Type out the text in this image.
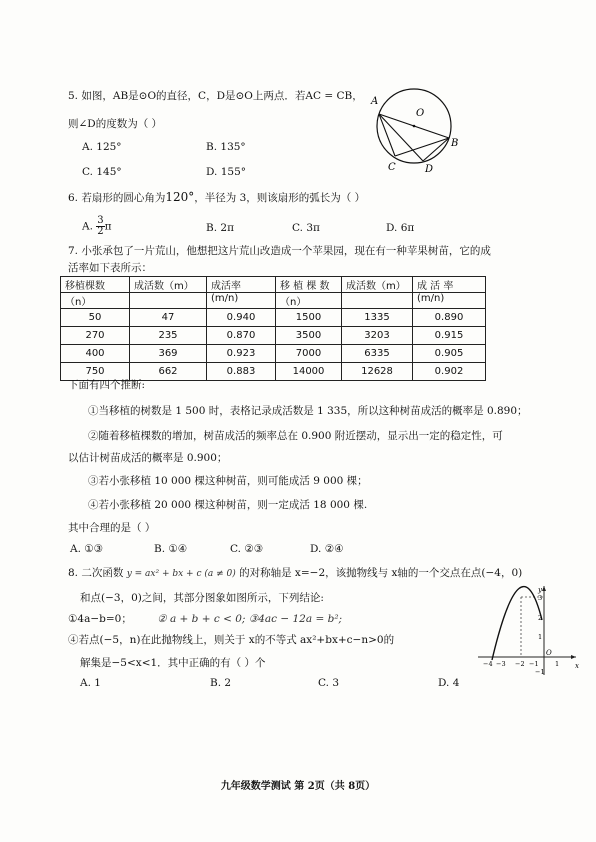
5. 如图，AB是⊙O的直径，C，D是⊙O上两点．若AC = CB，
则∠D的度数为（ ）
A. 125°	B. 135°
C. 145°	D. 155°
A
O
B
C	D
6. 若扇形的圆心角为120°，半径为 3，则该扇形的弧长为（ ）
A. $\frac{3}{2}$ π	B. 2π	C. 3π	D. 6π
7. 小张承包了一片荒山，他想把这片荒山改造成一个苹果园，现在有一种苹果树苗，它的成
活率如下表所示：
移植棵数	成活数（m）	成活率	移 植 棵 数	成活数（m）	成 活 率
（n）		(m/n)	（n）		(m/n)
50	47	0.940	1500	1335	0.890
270	235	0.870	3500	3203	0.915
400	369	0.923	7000	6335	0.905
750	662	0.883	14000	12628	0.902
下面有四个推断:
①当移植的树数是 1 500 时，表格记录成活数是 1 335，所以这种树苗成活的概率是 0.890；
②随着移植棵数的增加，树苗成活的频率总在 0.900 附近摆动，显示出一定的稳定性，可
以估计树苗成活的概率是 0.900；
③若小张移植 10 000 棵这种树苗，则可能成活 9 000 棵；
④若小张移植 20 000 棵这种树苗，则一定成活 18 000 棵.
其中合理的是（ ）
A. ①③	B. ①④	C. ②③	D. ②④
8. 二次函数 y = ax² + bx + c (a ≠ 0) 的对称轴是 x=−2，该抛物线与 x轴的一个交点在点(−4，0)
和点(−3，0)之间，其部分图象如图所示，下列结论:
①4a−b=0； ② a + b + c < 0; ③4ac − 12a = b²;
④若点(−5，n)在此抛物线上，则关于 x的不等式 ax²+bx+c−n>0的
解集是−5<x<1．其中正确的有（ ）个
A. 1	B. 2	C. 3	D. 4
y
x
O
−4 −3 −2 −1	1
3
2
1
−1
九年级数学测试 第 2页（共 8页）
